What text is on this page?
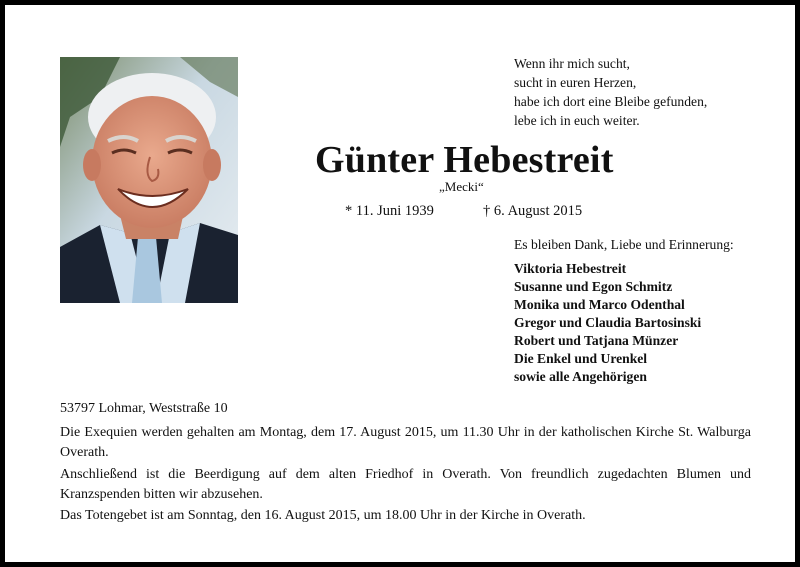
Wenn ihr mich sucht,
sucht in euren Herzen,
habe ich dort eine Bleibe gefunden,
lebe ich in euch weiter.
Günter Hebestreit
„Mecki“
* 11. Juni 1939	† 6. August 2015
Es bleiben Dank, Liebe und Erinnerung:
Viktoria Hebestreit
Susanne und Egon Schmitz
Monika und Marco Odenthal
Gregor und Claudia Bartosinski
Robert und Tatjana Münzer
Die Enkel und Urenkel
sowie alle Angehörigen
53797 Lohmar, Weststraße 10
Die Exequien werden gehalten am Montag, dem 17. August 2015, um 11.30 Uhr in der katholischen Kirche St. Walburga Overath.
Anschließend ist die Beerdigung auf dem alten Friedhof in Overath. Von freundlich zugedachten Blumen und Kranzspenden bitten wir abzusehen.
Das Totengebet ist am Sonntag, den 16. August 2015, um 18.00 Uhr in der Kirche in Overath.
